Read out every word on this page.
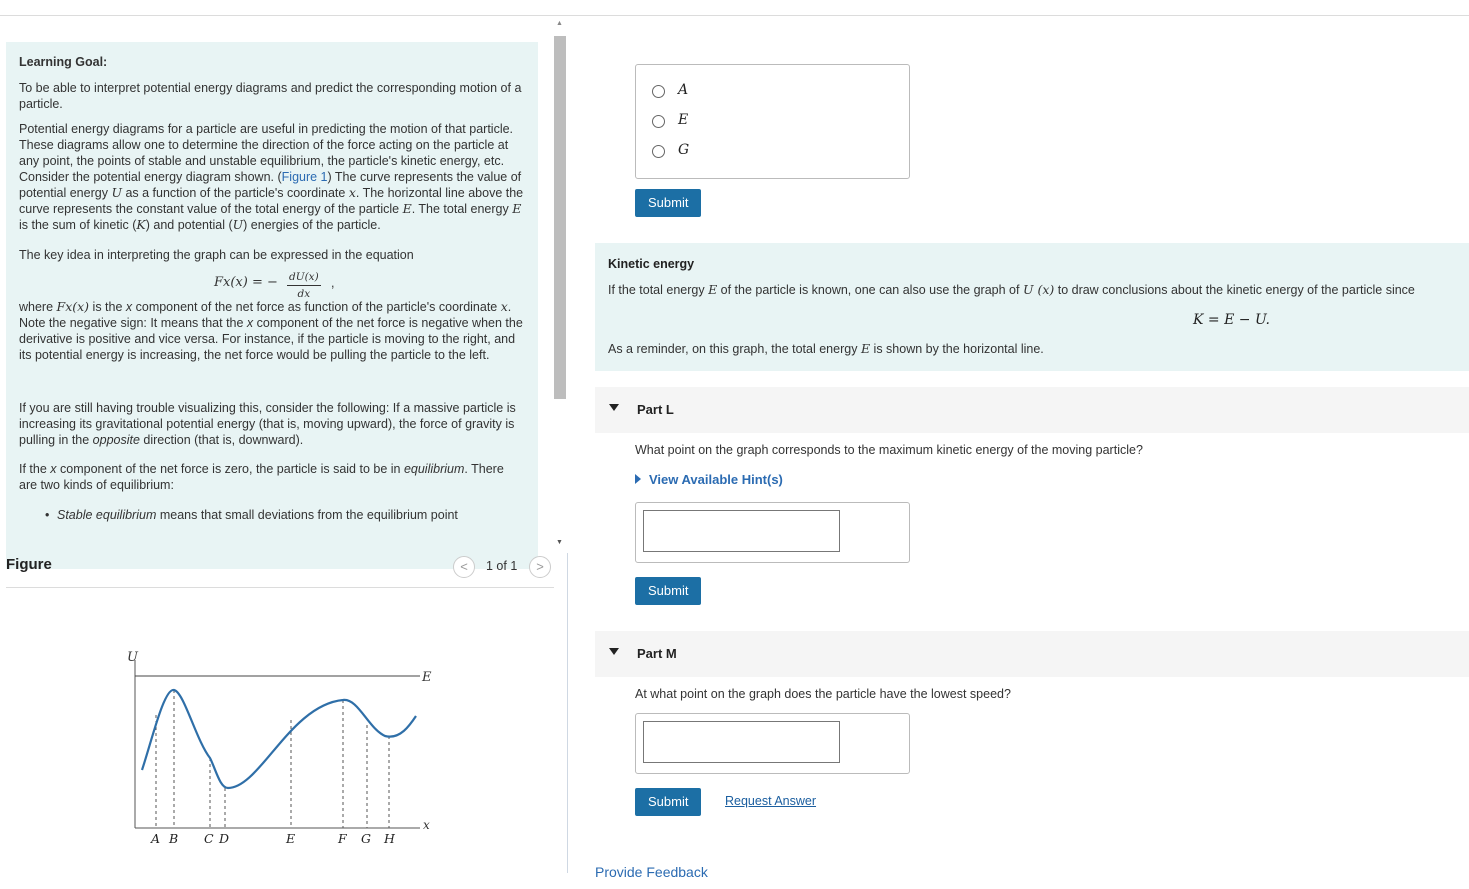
Learning Goal:

To be able to interpret potential energy diagrams and predict the corresponding motion of a particle.

Potential energy diagrams for a particle are useful in predicting the motion of that particle. These diagrams allow one to determine the direction of the force acting on the particle at any point, the points of stable and unstable equilibrium, the particle's kinetic energy, etc.

Consider the potential energy diagram shown. (Figure 1) The curve represents the value of potential energy U as a function of the particle's coordinate x. The horizontal line above the curve represents the constant value of the total energy of the particle E. The total energy E is the sum of kinetic (K) and potential (U) energies of the particle.

The key idea in interpreting the graph can be expressed in the equation

Fx(x) = − $\frac{dU(x)}{dx}$ ,

where Fx(x) is the x component of the net force as function of the particle's coordinate x. Note the negative sign: It means that the x component of the net force is negative when the derivative is positive and vice versa. For instance, if the particle is moving to the right, and its potential energy is increasing, the net force would be pulling the particle to the left.

If you are still having trouble visualizing this, consider the following: If a massive particle is increasing its gravitational potential energy (that is, moving upward), the force of gravity is pulling in the opposite direction (that is, downward).

If the x component of the net force is zero, the particle is said to be in equilibrium. There are two kinds of equilibrium:

• Stable equilibrium means that small deviations from the equilibrium point

▲
▼
Figure	<	1 of 1	>
U
x
E
A B C D	E	F G H
A
E
G
Submit
Kinetic energy
If the total energy E of the particle is known, one can also use the graph of U (x) to draw conclusions about the kinetic energy of the particle since
K = E − U.
As a reminder, on this graph, the total energy E is shown by the horizontal line.
Part L
What point on the graph corresponds to the maximum kinetic energy of the moving particle?
View Available Hint(s)
Submit
Part M
At what point on the graph does the particle have the lowest speed?
Submit	Request Answer
Provide Feedback
